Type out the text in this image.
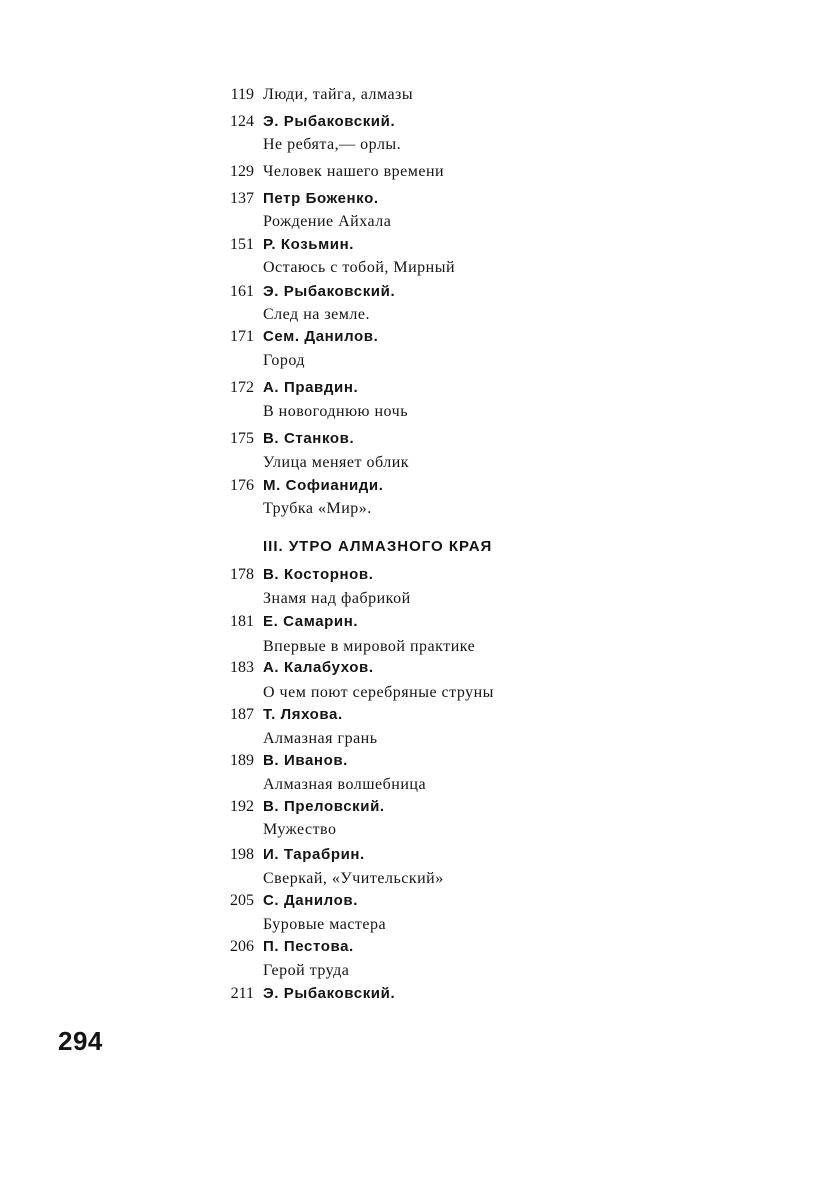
119 Люди, тайга, алмазы
124 Э. Рыбаковский.
Не ребята,— орлы.
129 Человек нашего времени
137 Петр Боженко.
Рождение Айхала
151 Р. Козьмин.
Остаюсь с тобой, Мирный
161 Э. Рыбаковский.
След на земле.
171 Сем. Данилов.
Город
172 А. Правдин.
В новогоднюю ночь
175 В. Станков.
Улица меняет облик
176 М. Софианиди.
Трубка «Мир».
III. УТРО АЛМАЗНОГО КРАЯ
178 В. Косторнов.
Знамя над фабрикой
181 Е. Самарин.
Впервые в мировой практике
183 А. Калабухов.
О чем поют серебряные струны
187 Т. Ляхова.
Алмазная грань
189 В. Иванов.
Алмазная волшебница
192 В. Преловский.
Мужество
198 И. Тарабрин.
Сверкай, «Учительский»
205 С. Данилов.
Буровые мастера
206 П. Пестова.
Герой труда
211 Э. Рыбаковский.
294
